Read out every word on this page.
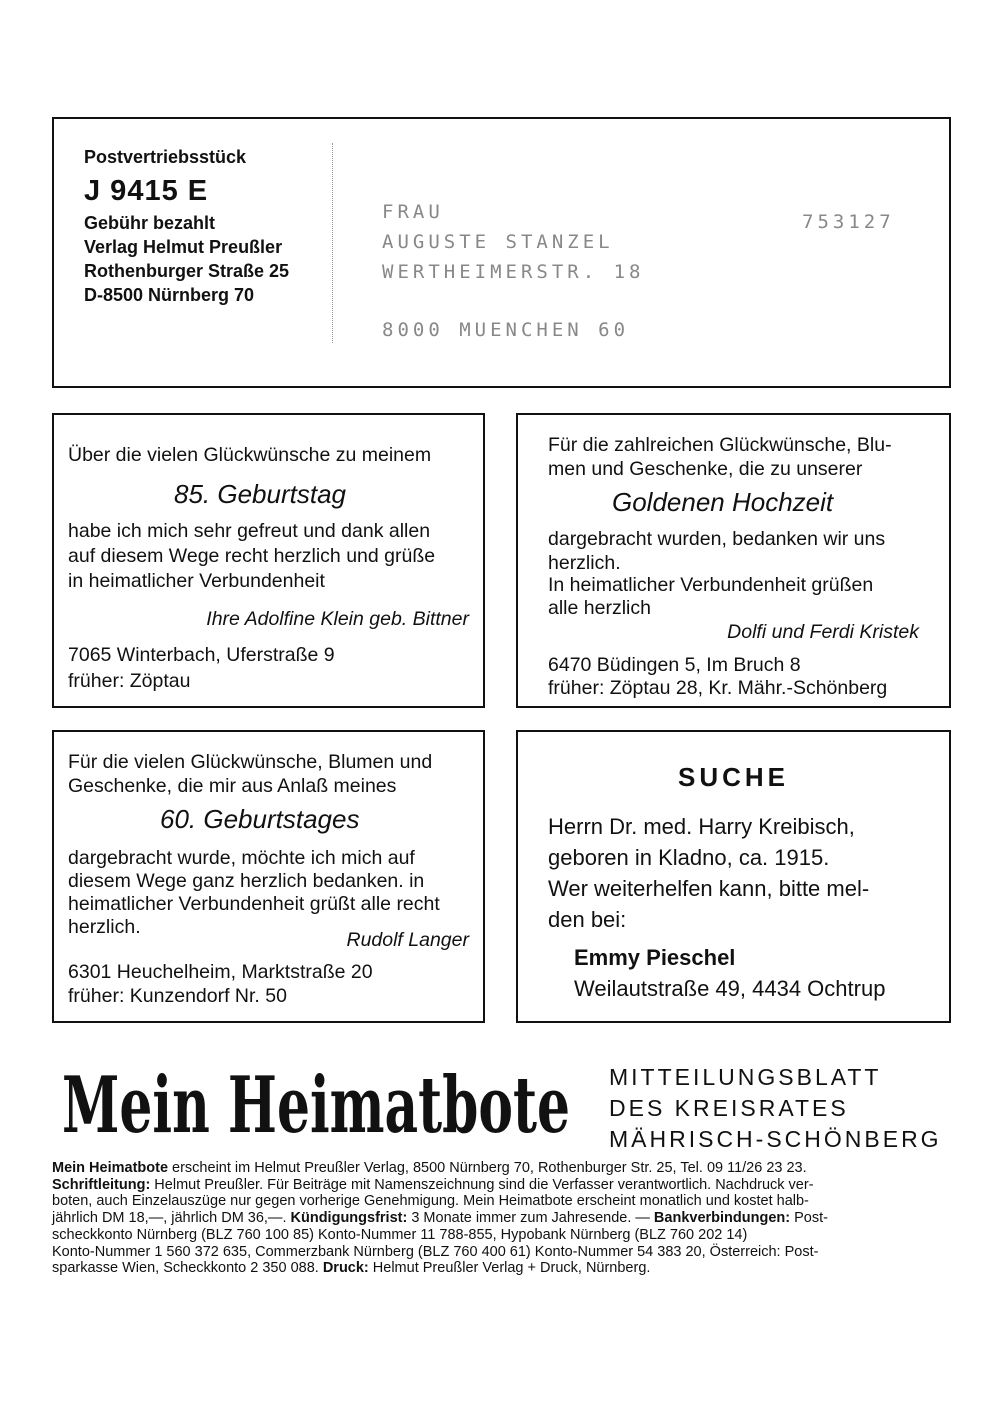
Postvertriebsstück
J 9415 E
Gebühr bezahlt
Verlag Helmut Preußler
Rothenburger Straße 25
D-8500 Nürnberg 70
FRAU
AUGUSTE STANZEL
WERTHEIMERSTR. 18
8000 MUENCHEN 60
753127
Über die vielen Glückwünsche zu meinem
85. Geburtstag
habe ich mich sehr gefreut und dank allen
auf diesem Wege recht herzlich und grüße
in heimatlicher Verbundenheit
Ihre Adolfine Klein geb. Bittner
7065 Winterbach, Uferstraße 9
früher: Zöptau
Für die zahlreichen Glückwünsche, Blu-
men und Geschenke, die zu unserer
Goldenen Hochzeit
dargebracht wurden, bedanken wir uns
herzlich.
In heimatlicher Verbundenheit grüßen
alle herzlich
Dolfi und Ferdi Kristek
6470 Büdingen 5, Im Bruch 8
früher: Zöptau 28, Kr. Mähr.-Schönberg
Für die vielen Glückwünsche, Blumen und
Geschenke, die mir aus Anlaß meines
60. Geburtstages
dargebracht wurde, möchte ich mich auf
diesem Wege ganz herzlich bedanken. in
heimatlicher Verbundenheit grüßt alle recht
herzlich.
Rudolf Langer
6301 Heuchelheim, Marktstraße 20
früher: Kunzendorf Nr. 50
SUCHE
Herrn Dr. med. Harry Kreibisch,
geboren in Kladno, ca. 1915.
Wer weiterhelfen kann, bitte mel-
den bei:
Emmy Pieschel
Weilautstraße 49, 4434 Ochtrup
Mein Heimatbote MITTEILUNGSBLATT
DES KREISRATES
MÄHRISCH-SCHÖNBERG
Mein Heimatbote erscheint im Helmut Preußler Verlag, 8500 Nürnberg 70, Rothenburger Str. 25, Tel. 09 11/26 23 23.
Schriftleitung: Helmut Preußler. Für Beiträge mit Namenszeichnung sind die Verfasser verantwortlich. Nachdruck ver-
boten, auch Einzelauszüge nur gegen vorherige Genehmigung. Mein Heimatbote erscheint monatlich und kostet halb-
jährlich DM 18,—, jährlich DM 36,—. Kündigungsfrist: 3 Monate immer zum Jahresende. — Bankverbindungen: Post-
scheckkonto Nürnberg (BLZ 760 100 85) Konto-Nummer 11 788-855, Hypobank Nürnberg (BLZ 760 202 14)
Konto-Nummer 1 560 372 635, Commerzbank Nürnberg (BLZ 760 400 61) Konto-Nummer 54 383 20, Österreich: Post-
sparkasse Wien, Scheckkonto 2 350 088. Druck: Helmut Preußler Verlag + Druck, Nürnberg.
